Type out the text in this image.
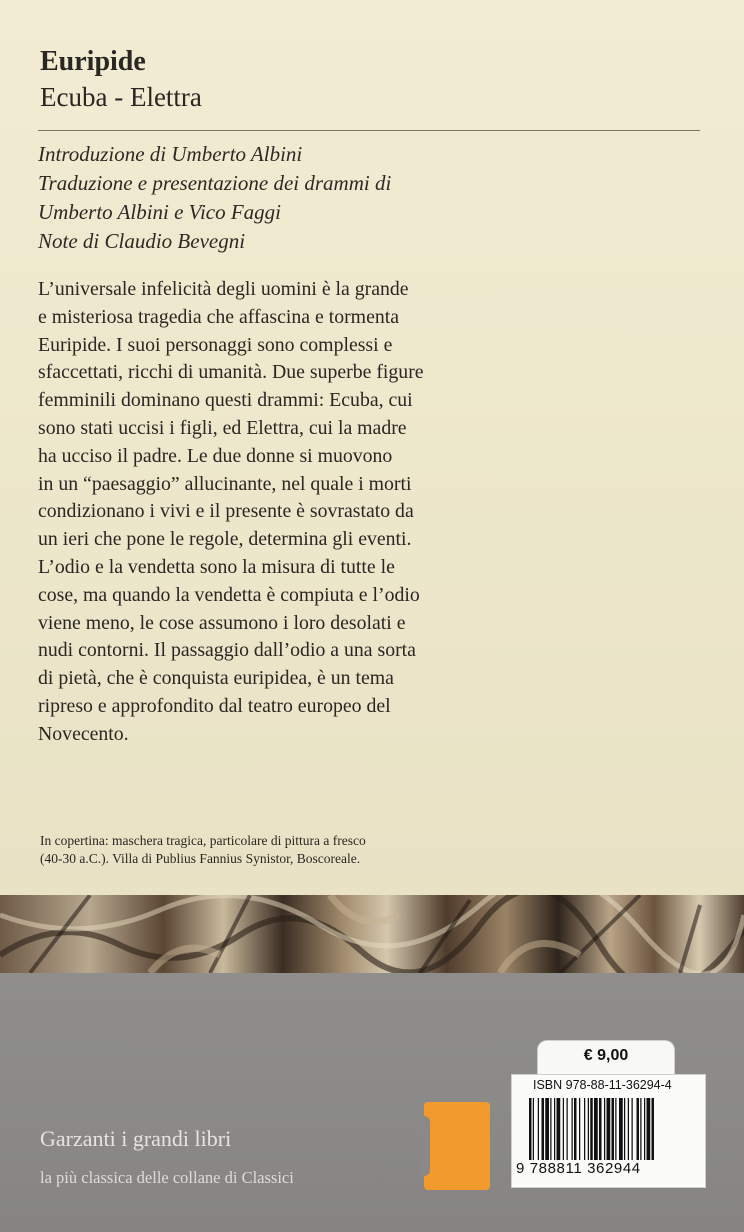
Euripide
Ecuba - Elettra
Introduzione di Umberto Albini
Traduzione e presentazione dei drammi di
Umberto Albini e Vico Faggi
Note di Claudio Bevegni
L’universale infelicità degli uomini è la grande
e misteriosa tragedia che affascina e tormenta
Euripide. I suoi personaggi sono complessi e
sfaccettati, ricchi di umanità. Due superbe figure
femminili dominano questi drammi: Ecuba, cui
sono stati uccisi i figli, ed Elettra, cui la madre
ha ucciso il padre. Le due donne si muovono
in un “paesaggio” allucinante, nel quale i morti
condizionano i vivi e il presente è sovrastato da
un ieri che pone le regole, determina gli eventi.
L’odio e la vendetta sono la misura di tutte le
cose, ma quando la vendetta è compiuta e l’odio
viene meno, le cose assumono i loro desolati e
nudi contorni. Il passaggio dall’odio a una sorta
di pietà, che è conquista euripidea, è un tema
ripreso e approfondito dal teatro europeo del
Novecento.
In copertina: maschera tragica, particolare di pittura a fresco
(40-30 a.C.). Villa di Publius Fannius Synistor, Boscoreale.
Garzanti i grandi libri
la più classica delle collane di Classici
€ 9,00
ISBN 978-88-11-36294-4
9 788811 362944
